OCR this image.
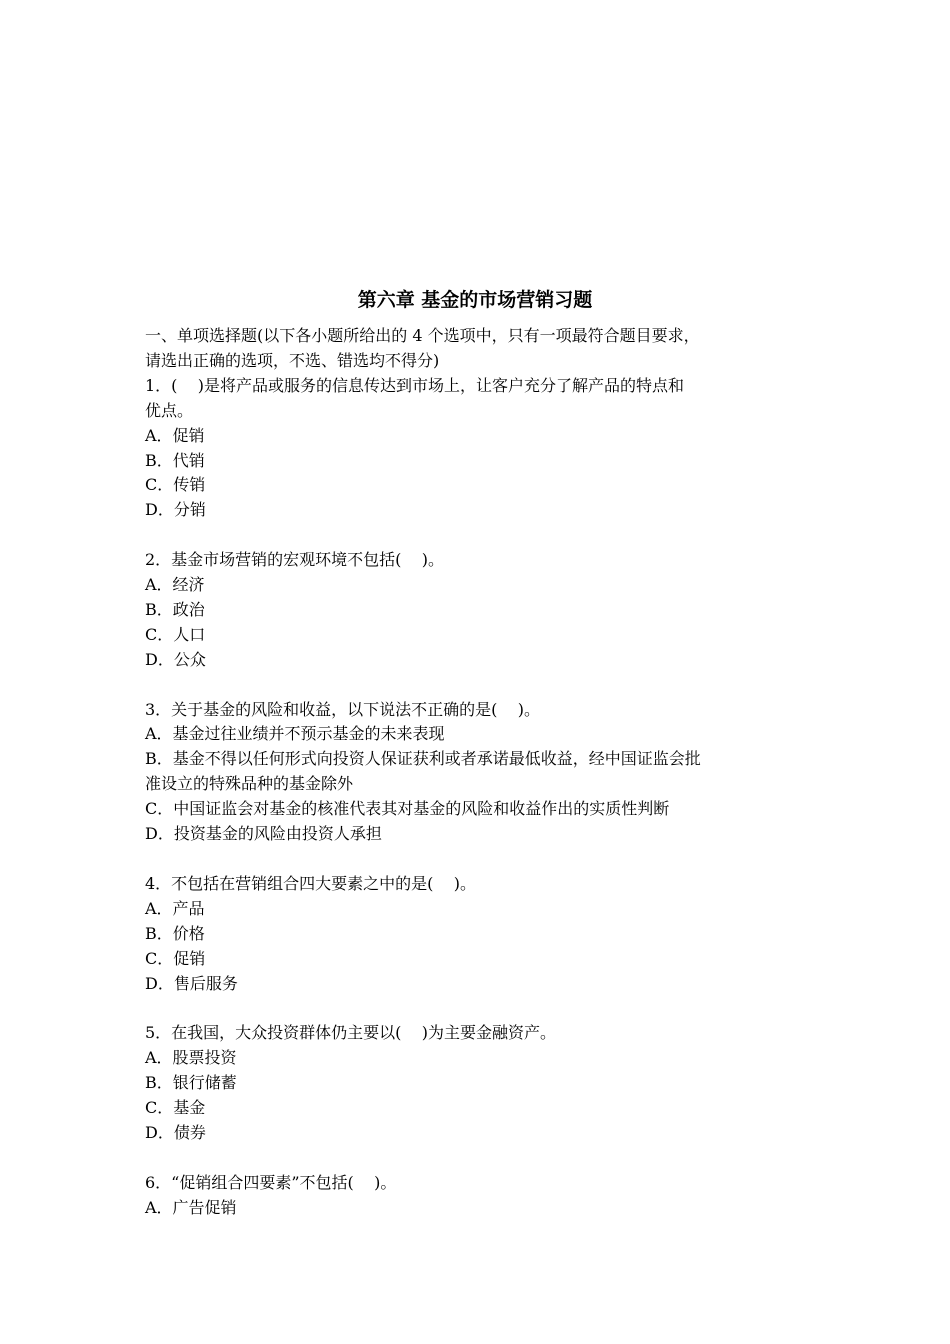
第六章 基金的市场营销习题
一、单项选择题(以下各小题所给出的 4 个选项中，只有一项最符合题目要求，
请选出正确的选项，不选、错选均不得分)
1．(    )是将产品或服务的信息传达到市场上，让客户充分了解产品的特点和
优点。
A．促销
B．代销
C．传销
D．分销
2．基金市场营销的宏观环境不包括(    )。
A．经济
B．政治
C．人口
D．公众
3．关于基金的风险和收益，以下说法不正确的是(    )。
A．基金过往业绩并不预示基金的未来表现
B．基金不得以任何形式向投资人保证获利或者承诺最低收益，经中国证监会批
准设立的特殊品种的基金除外
C．中国证监会对基金的核准代表其对基金的风险和收益作出的实质性判断
D．投资基金的风险由投资人承担
4．不包括在营销组合四大要素之中的是(    )。
A．产品
B．价格
C．促销
D．售后服务
5．在我国，大众投资群体仍主要以(    )为主要金融资产。
A．股票投资
B．银行储蓄
C．基金
D．债券
6．“促销组合四要素”不包括(    )。
A．广告促销
